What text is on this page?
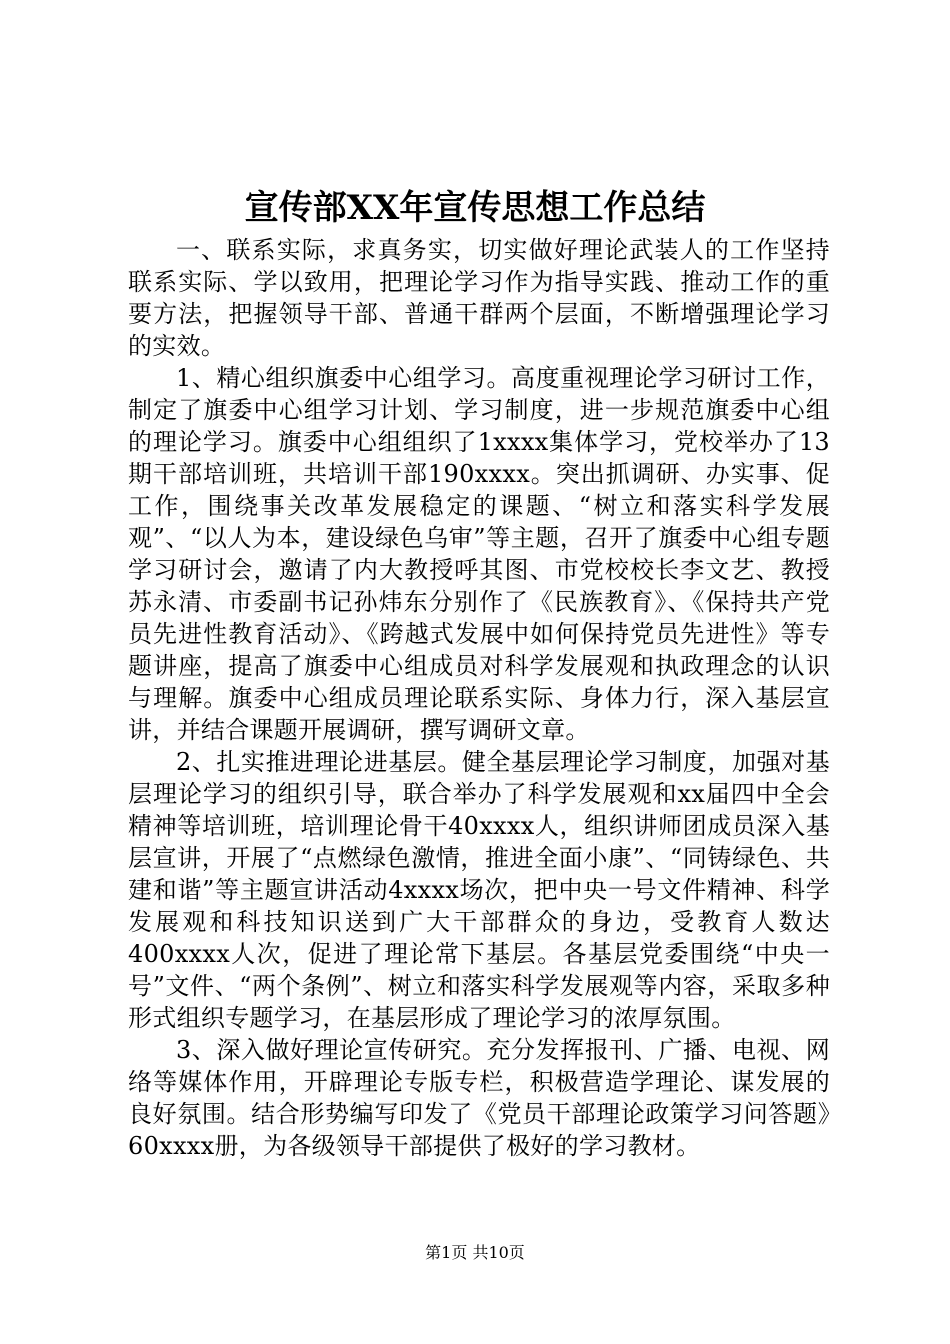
宣传部XX年宣传思想工作总结

一、联系实际，求真务实，切实做好理论武装人的工作坚持联系实际、学以致用，把理论学习作为指导实践、推动工作的重要方法，把握领导干部、普通干群两个层面，不断增强理论学习的实效。

1、精心组织旗委中心组学习。高度重视理论学习研讨工作，制定了旗委中心组学习计划、学习制度，进一步规范旗委中心组的理论学习。旗委中心组组织了1xxxx集体学习，党校举办了13期干部培训班，共培训干部190xxxx。突出抓调研、办实事、促工作，围绕事关改革发展稳定的课题、“树立和落实科学发展观”、“以人为本，建设绿色乌审”等主题，召开了旗委中心组专题学习研讨会，邀请了内大教授呼其图、市党校校长李文艺、教授苏永清、市委副书记孙炜东分别作了《民族教育》、《保持共产党员先进性教育活动》、《跨越式发展中如何保持党员先进性》等专题讲座，提高了旗委中心组成员对科学发展观和执政理念的认识与理解。旗委中心组成员理论联系实际、身体力行，深入基层宣讲，并结合课题开展调研，撰写调研文章。

2、扎实推进理论进基层。健全基层理论学习制度，加强对基层理论学习的组织引导，联合举办了科学发展观和xx届四中全会精神等培训班，培训理论骨干40xxxx人，组织讲师团成员深入基层宣讲，开展了“点燃绿色激情，推进全面小康”、“同铸绿色、共建和谐”等主题宣讲活动4xxxx场次，把中央一号文件精神、科学发展观和科技知识送到广大干部群众的身边，受教育人数达400xxxx人次，促进了理论常下基层。各基层党委围绕“中央一号”文件、“两个条例”、树立和落实科学发展观等内容，采取多种形式组织专题学习，在基层形成了理论学习的浓厚氛围。

3、深入做好理论宣传研究。充分发挥报刊、广播、电视、网络等媒体作用，开辟理论专版专栏，积极营造学理论、谋发展的良好氛围。结合形势编写印发了《党员干部理论政策学习问答题》60xxxx册，为各级领导干部提供了极好的学习教材。

第1页 共10页
